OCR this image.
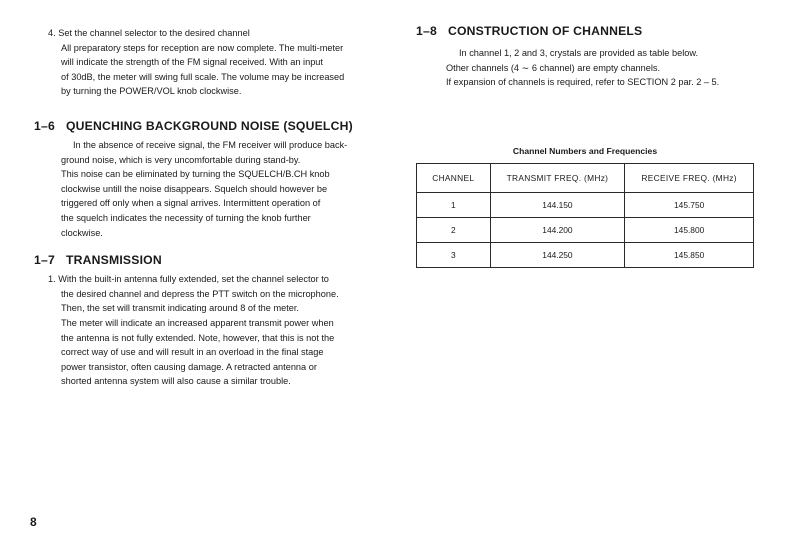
4. Set the channel selector to the desired channel
All preparatory steps for reception are now complete. The multi-meter
will indicate the strength of the FM signal received. With an input
of 30dB, the meter will swing full scale. The volume may be increased
by turning the POWER/VOL knob clockwise.
1–6 QUENCHING BACKGROUND NOISE (SQUELCH)
In the absence of receive signal, the FM receiver will produce back-
ground noise, which is very uncomfortable during stand-by.
This noise can be eliminated by turning the SQUELCH/B.CH knob
clockwise untill the noise disappears. Squelch should however be
triggered off only when a signal arrives. Intermittent operation of
the squelch indicates the necessity of turning the knob further
clockwise.
1–7 TRANSMISSION
1. With the built-in antenna fully extended, set the channel selector to
the desired channel and depress the PTT switch on the microphone.
Then, the set will transmit indicating around 8 of the meter.
The meter will indicate an increased apparent transmit power when
the antenna is not fully extended. Note, however, that this is not the
correct way of use and will result in an overload in the final stage
power transistor, often causing damage. A retracted antenna or
shorted antenna system will also cause a similar trouble.
1–8 CONSTRUCTION OF CHANNELS
In channel 1, 2 and 3, crystals are provided as table below.
Other channels (4 ∼ 6 channel) are empty channels.
If expansion of channels is required, refer to SECTION 2 par. 2 – 5.
Channel Numbers and Frequencies
CHANNEL	TRANSMIT FREQ. (MHz)	RECEIVE FREQ. (MHz)
1	144.150	145.750
2	144.200	145.800
3	144.250	145.850
8
